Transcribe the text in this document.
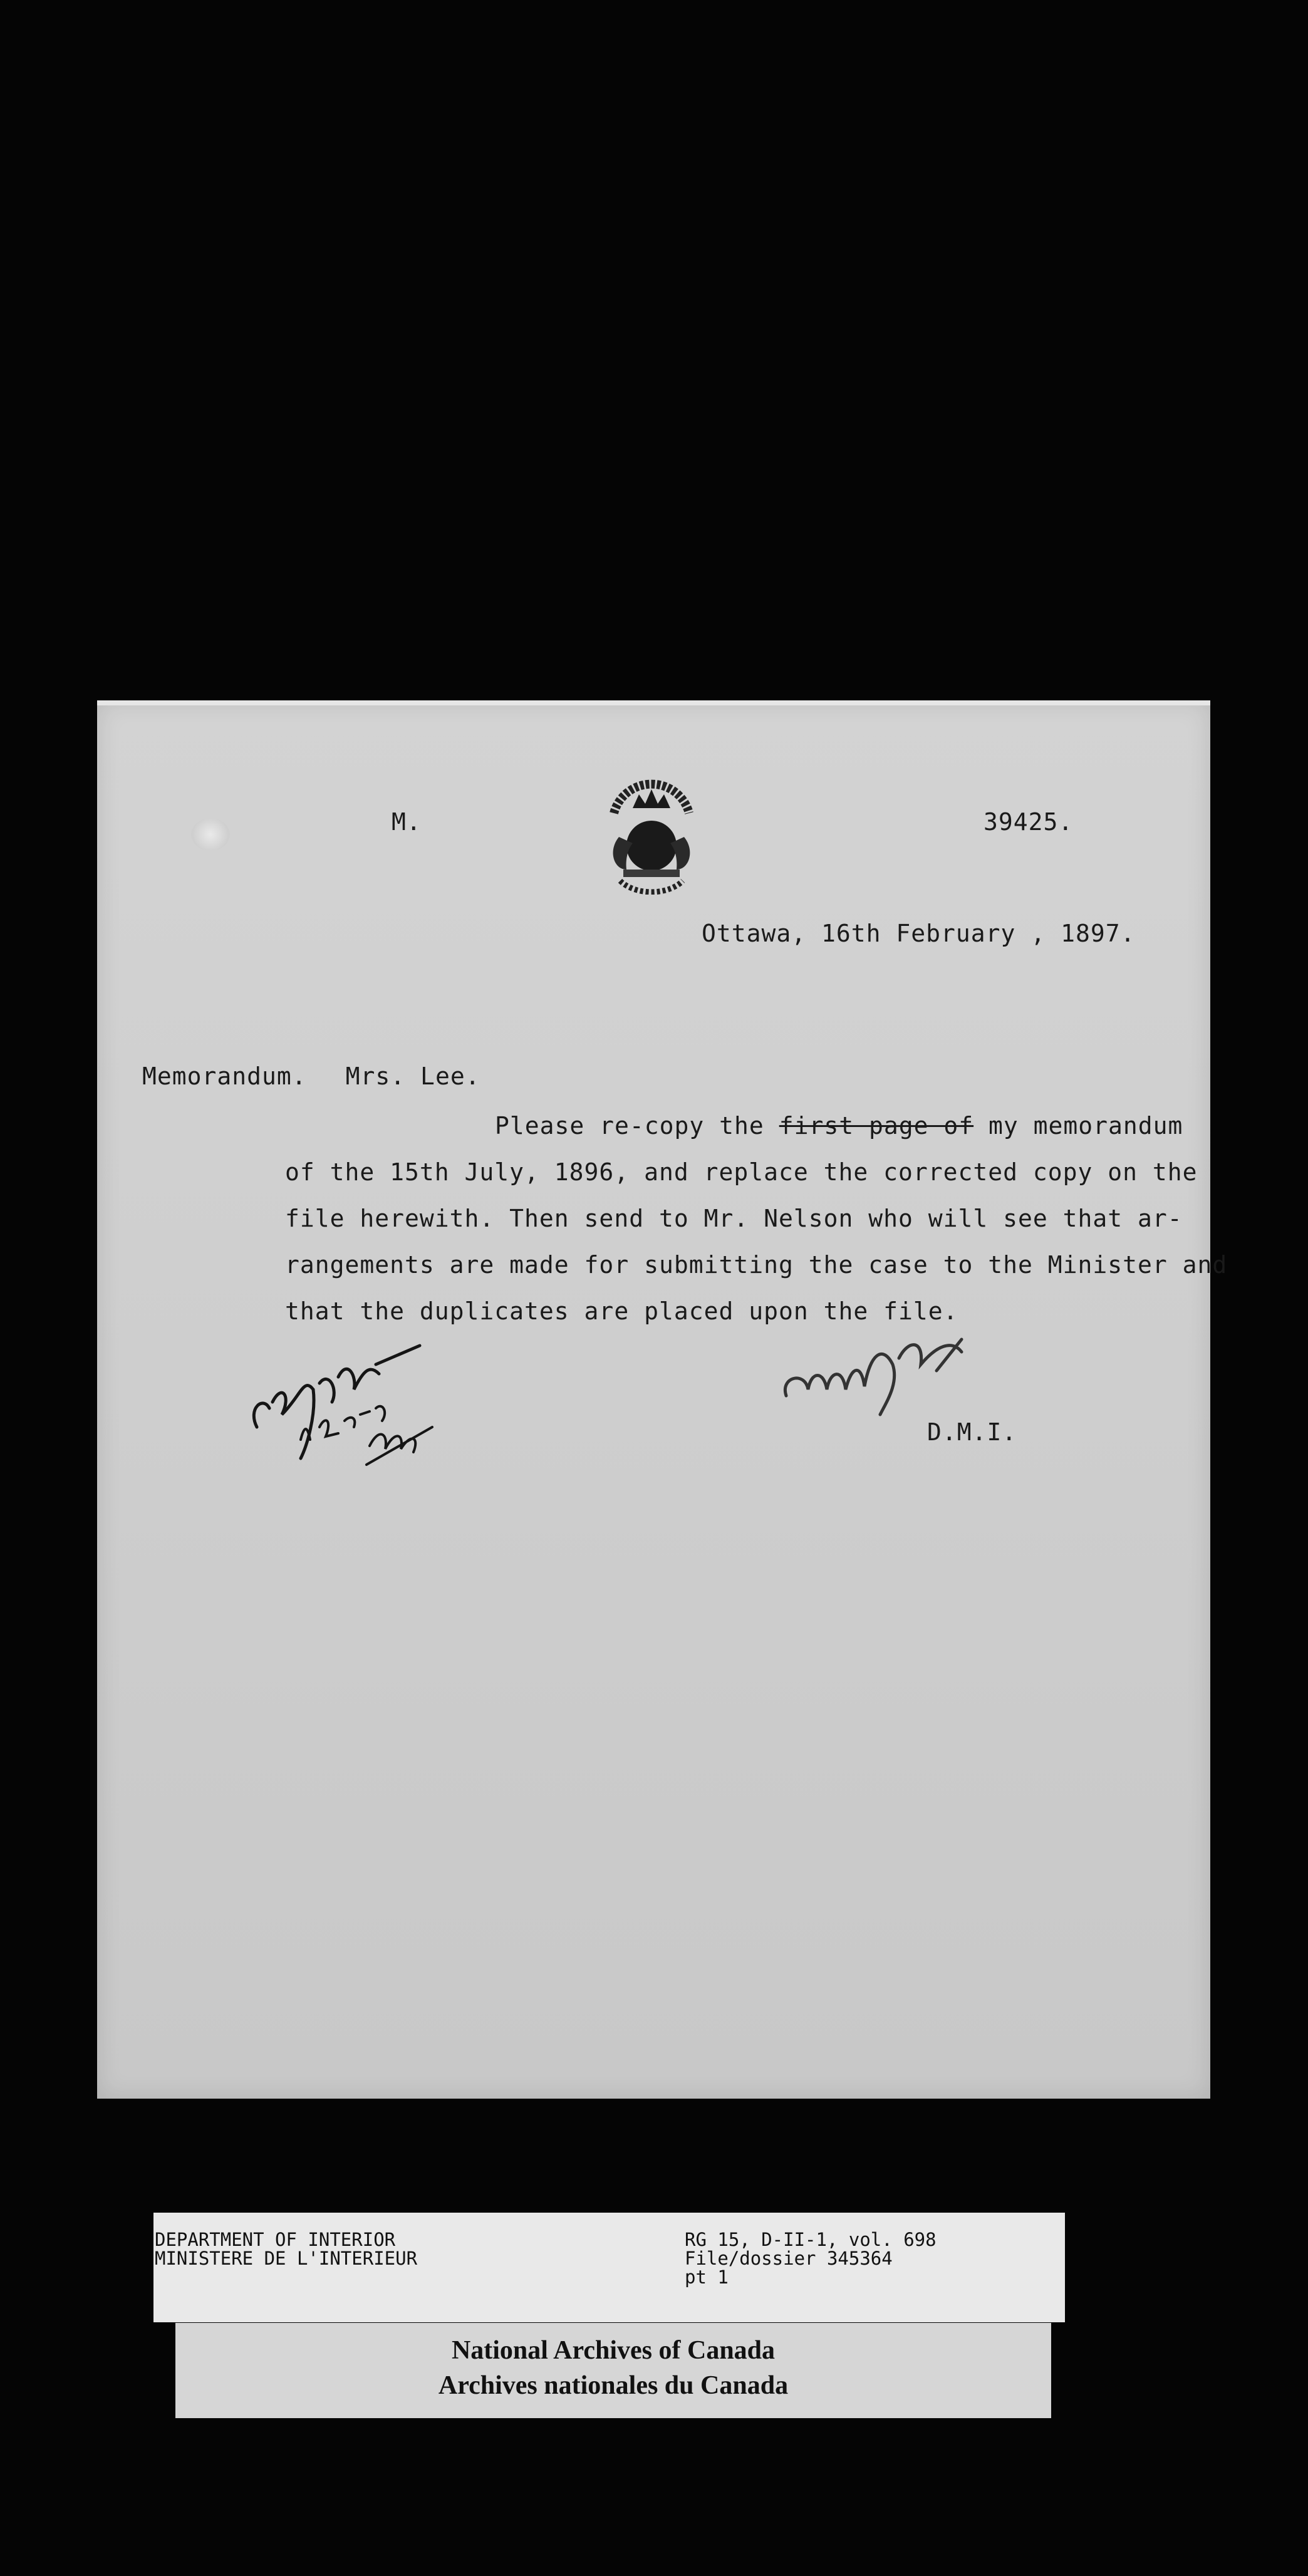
M.	39425.
Ottawa, 16th February , 1897.
Memorandum. Mrs. Lee.
Please re-copy the first page of my memorandum
of the 15th July, 1896, and replace the corrected copy on the
file herewith. Then send to Mr. Nelson who will see that ar-
rangements are made for submitting the case to the Minister and
that the duplicates are placed upon the file.
D.M.I.
DEPARTMENT OF INTERIOR
MINISTERE DE L'INTERIEUR
RG 15, D-II-1, vol. 698
File/dossier 345364
pt 1
National Archives of Canada
Archives nationales du Canada
